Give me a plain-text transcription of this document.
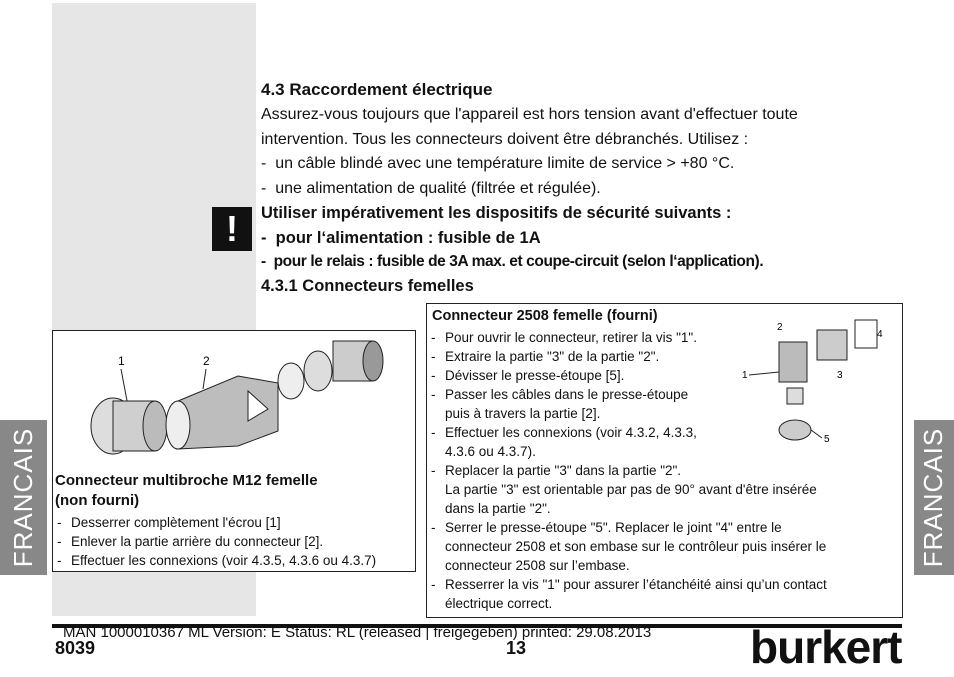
FRANCAIS	FRANCAIS
4.3 Raccordement électrique
Assurez-vous toujours que l'appareil est hors tension avant d'effectuer toute
intervention. Tous les connecteurs doivent être débranchés. Utilisez :
-  un câble blindé avec une température limite de service > +80 °C.
-  une alimentation de qualité (filtrée et régulée).
!	Utiliser impérativement les dispositifs de sécurité suivants :
-  pour l‘alimentation : fusible de 1A
-  pour le relais : fusible de 3A max. et coupe-circuit (selon l‘application).
4.3.1 Connecteurs femelles
1	2
Connecteur multibroche M12 femelle
(non fourni)
- Desserrer complètement l'écrou [1]
- Enlever la partie arrière du connecteur [2].
- Effectuer les connexions (voir 4.3.5, 4.3.6 ou 4.3.7)
Connecteur 2508 femelle (fourni)
2
4
1	3
5
- Pour ouvrir le connecteur, retirer la vis "1".
- Extraire la partie "3" de la partie "2".
- Dévisser le presse-étoupe [5].
- Passer les câbles dans le presse-étoupe
puis à travers la partie [2].
- Effectuer les connexions (voir 4.3.2, 4.3.3,
4.3.6 ou 4.3.7).
- Replacer la partie "3" dans la partie "2".
La partie "3" est orientable par pas de 90° avant d'être insérée
dans la partie "2".
- Serrer le presse-étoupe "5". Replacer le joint "4" entre le
connecteur 2508 et son embase sur le contrôleur puis insérer le
connecteur 2508 sur l’embase.
- Resserrer la vis "1" pour assurer l’étanchéité ainsi qu’un contact
électrique correct.
MAN 1000010367 ML Version: E Status: RL (released | freigegeben) printed: 29.08.2013
8039	13	burkert
